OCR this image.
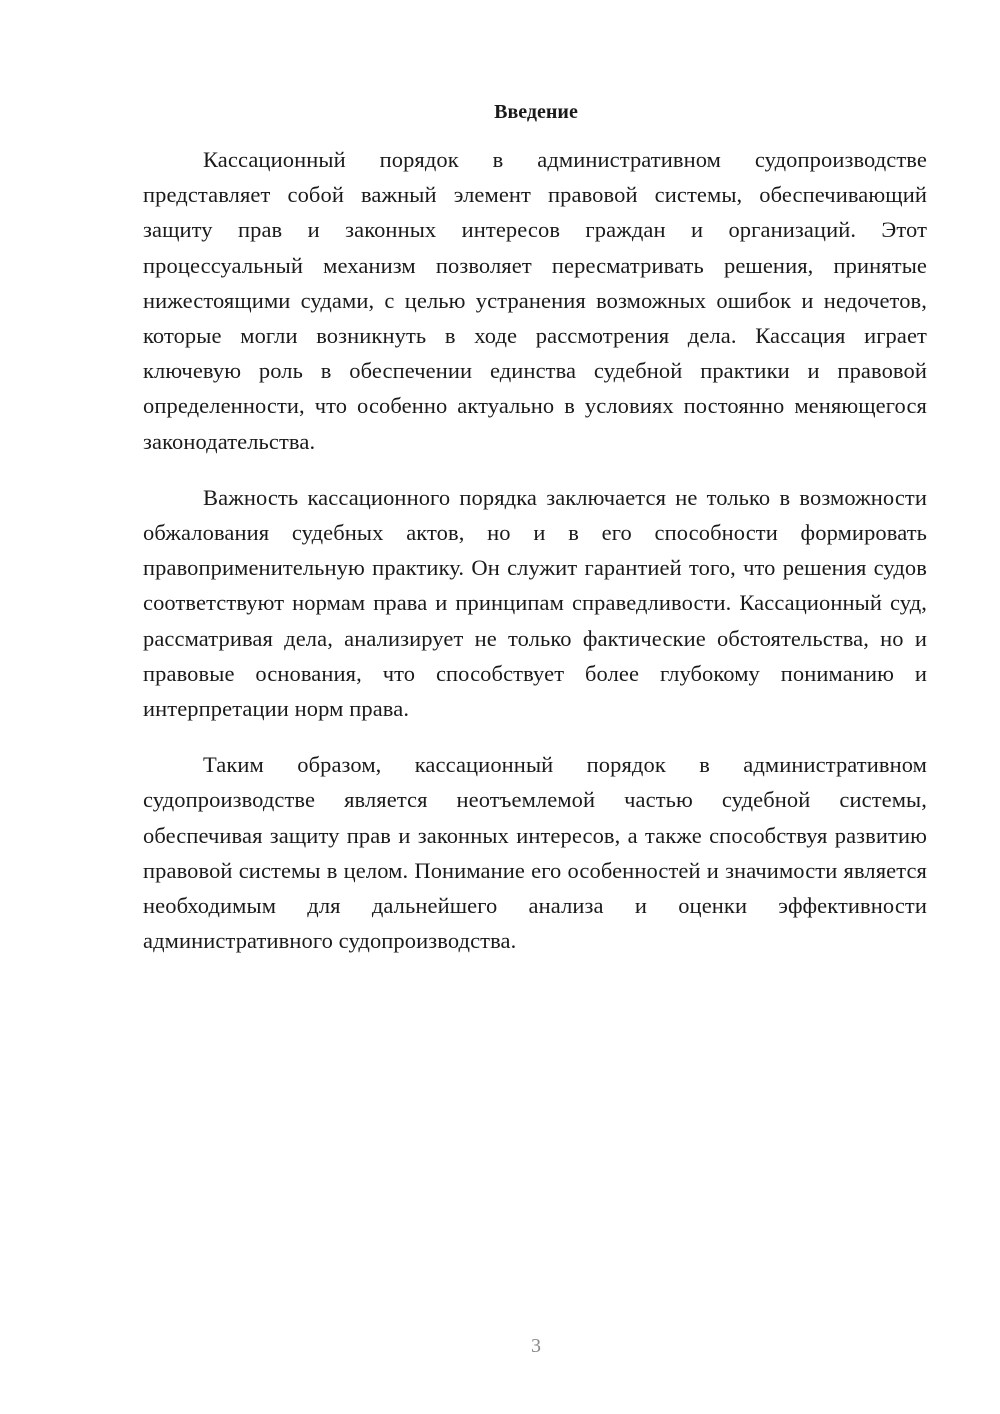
Введение

Кассационный порядок в административном судопроизводстве представляет собой важный элемент правовой системы, обеспечивающий защиту прав и законных интересов граждан и организаций. Этот процессуальный механизм позволяет пересматривать решения, принятые нижестоящими судами, с целью устранения возможных ошибок и недочетов, которые могли возникнуть в ходе рассмотрения дела. Кассация играет ключевую роль в обеспечении единства судебной практики и правовой определенности, что особенно актуально в условиях постоянно меняющегося законодательства.

Важность кассационного порядка заключается не только в возможности обжалования судебных актов, но и в его способности формировать правоприменительную практику. Он служит гарантией того, что решения судов соответствуют нормам права и принципам справедливости. Кассационный суд, рассматривая дела, анализирует не только фактические обстоятельства, но и правовые основания, что способствует более глубокому пониманию и интерпретации норм права.

Таким образом, кассационный порядок в административном судопроизводстве является неотъемлемой частью судебной системы, обеспечивая защиту прав и законных интересов, а также способствуя развитию правовой системы в целом. Понимание его особенностей и значимости является необходимым для дальнейшего анализа и оценки эффективности административного судопроизводства.

3
